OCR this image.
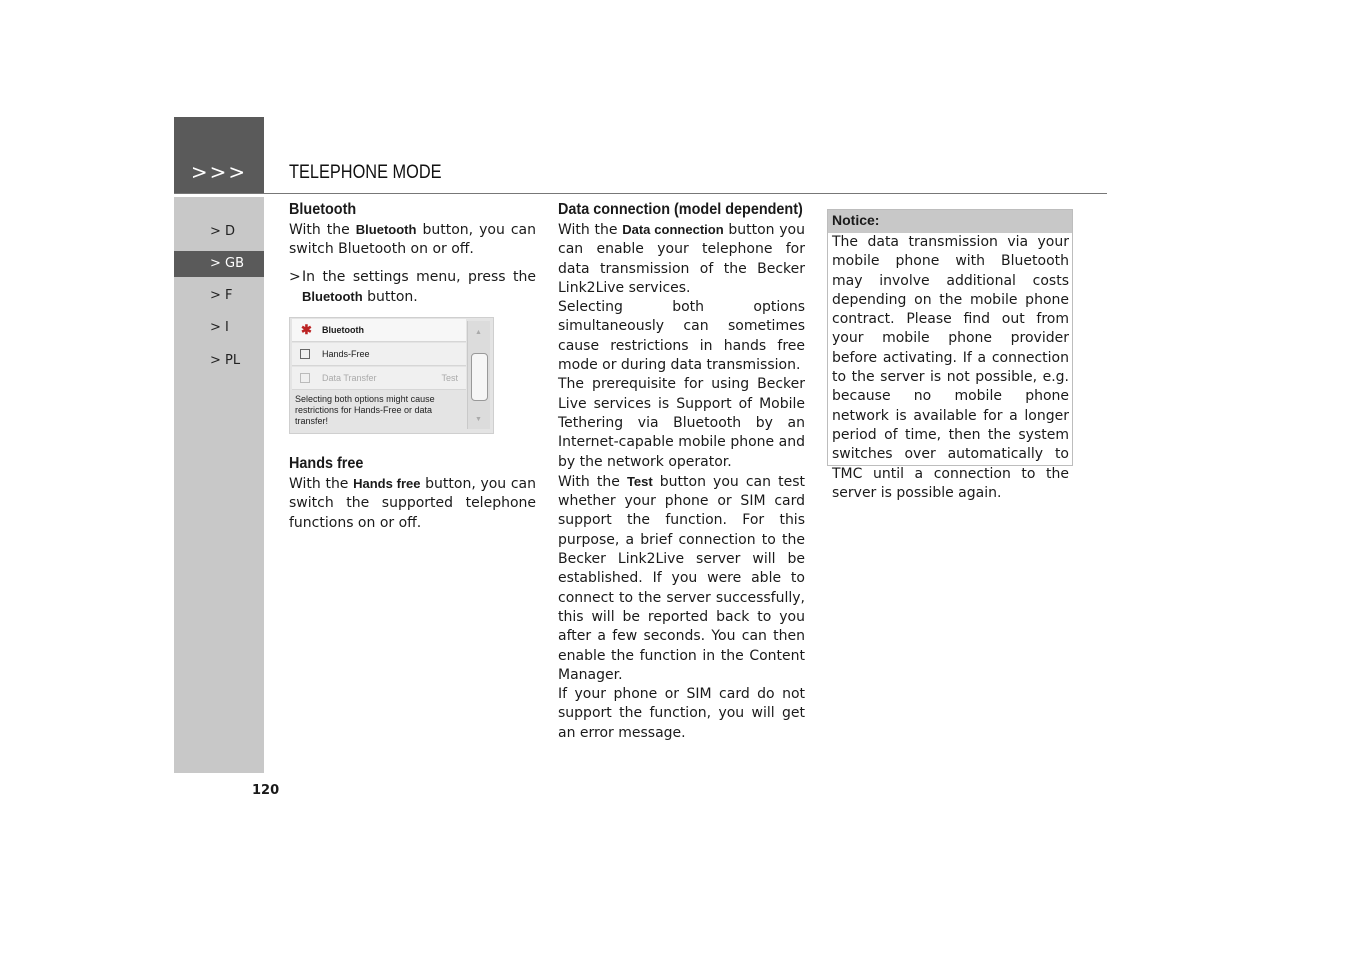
>>>	TELEPHONE MODE
> D
> GB
> F
> I
> PL
120

Bluetooth

With the Bluetooth button, you can switch Bluetooth on or off.

> In the settings menu, press the Bluetooth button.
✱ Bluetooth
Hands-Free
Data Transfer	Test
Selecting both options might cause restrictions for Hands-Free or data transfer!
▲
▼

Hands free

With the Hands free button, you can switch the supported telephone functions on or off.

Data connection (model dependent)

With the Data connection button you can enable your telephone for data transmission of the Becker Link2Live services.

Selecting both options simultaneously can sometimes cause restrictions in hands free mode or during data transmission.

The prerequisite for using Becker Live services is Support of Mobile Tethering via Bluetooth by an Internet-capable mobile phone and by the network operator.

With the Test button you can test whether your phone or SIM card support the function. For this purpose, a brief connection to the Becker Link2Live server will be established. If you were able to connect to the server successfully, this will be reported back to you after a few seconds. You can then enable the function in the Content Manager.

If your phone or SIM card do not support the function, you will get an error message.

Notice:
The data transmission via your mobile phone with Bluetooth may involve additional costs depending on the mobile phone contract. Please find out from your mobile phone provider before activating. If a connection to the server is not possible, e.g. because no mobile phone network is available for a longer period of time, then the system switches over automatically to TMC until a connection to the server is possible again.
